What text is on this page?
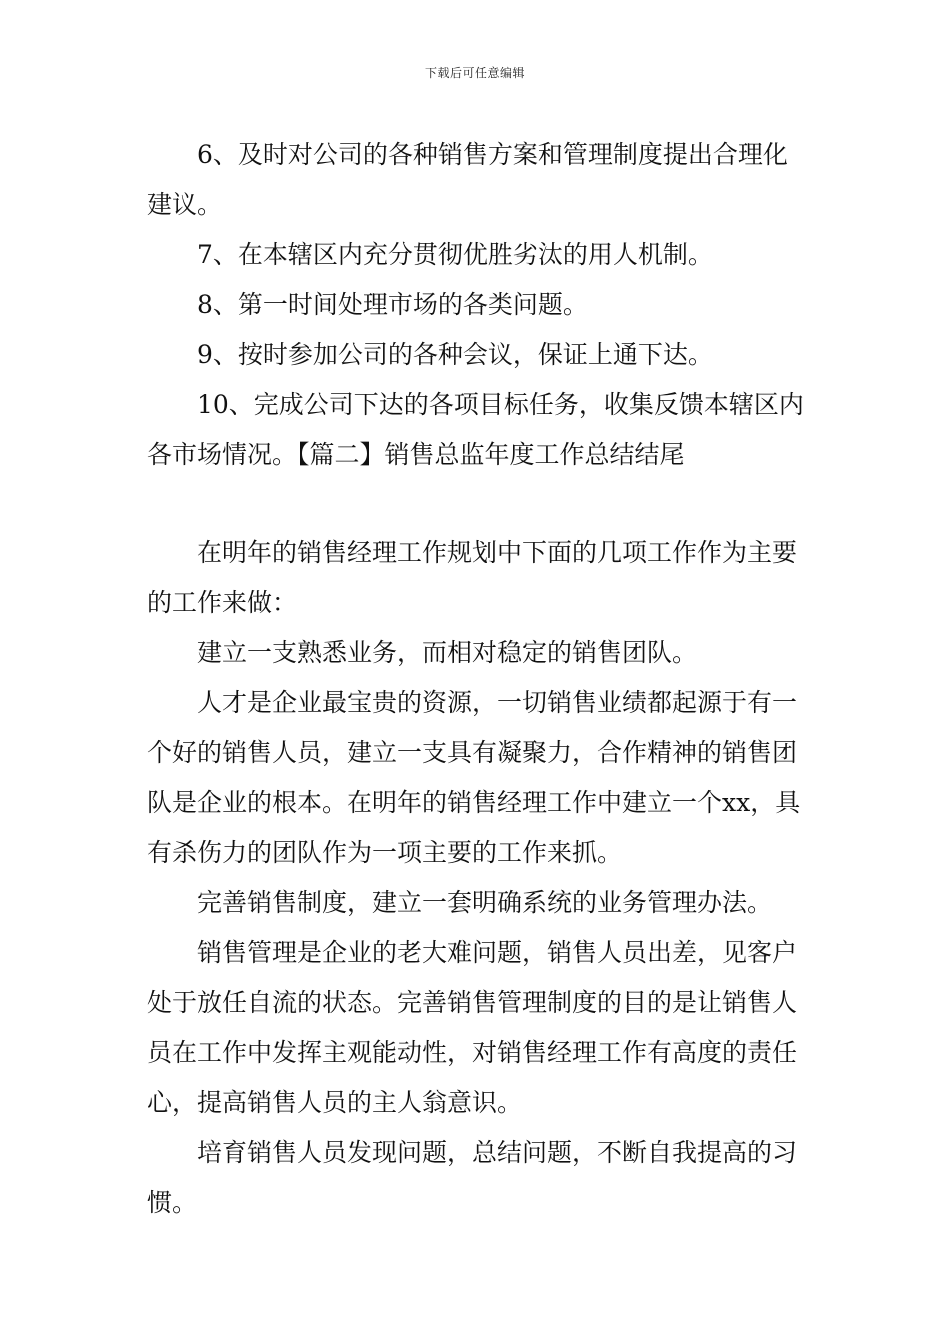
下载后可任意编辑

6、及时对公司的各种销售方案和管理制度提出合理化建议。

7、在本辖区内充分贯彻优胜劣汰的用人机制。

8、第一时间处理市场的各类问题。

9、按时参加公司的各种会议，保证上通下达。

10、完成公司下达的各项目标任务，收集反馈本辖区内各市场情况。【篇二】销售总监年度工作总结结尾

在明年的销售经理工作规划中下面的几项工作作为主要的工作来做：

建立一支熟悉业务，而相对稳定的销售团队。

人才是企业最宝贵的资源，一切销售业绩都起源于有一个好的销售人员，建立一支具有凝聚力，合作精神的销售团队是企业的根本。在明年的销售经理工作中建立一个xx，具有杀伤力的团队作为一项主要的工作来抓。

完善销售制度，建立一套明确系统的业务管理办法。

销售管理是企业的老大难问题，销售人员出差，见客户处于放任自流的状态。完善销售管理制度的目的是让销售人员在工作中发挥主观能动性，对销售经理工作有高度的责任心，提高销售人员的主人翁意识。

培育销售人员发现问题，总结问题，不断自我提高的习惯。
